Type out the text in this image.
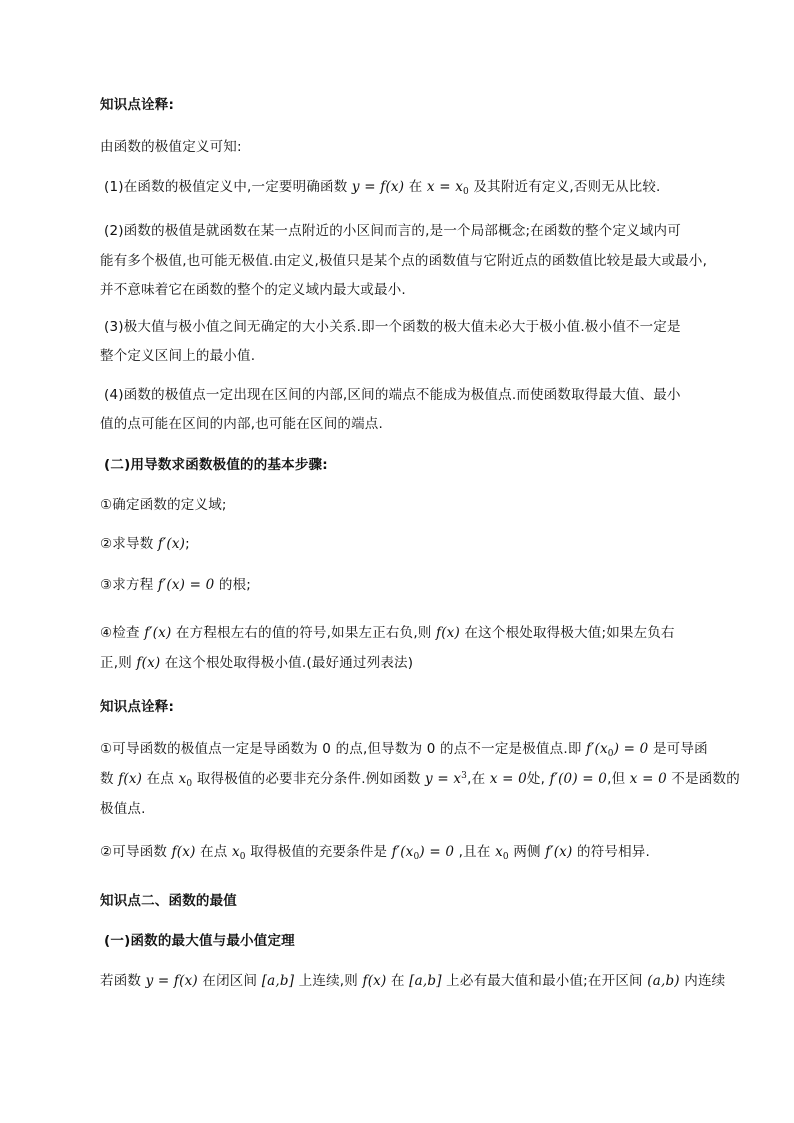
知识点诠释:
由函数的极值定义可知:
(1)在函数的极值定义中,一定要明确函数 y = f(x) 在 $x = x_0$ 及其附近有定义,否则无从比较.
(2)函数的极值是就函数在某一点附近的小区间而言的,是一个局部概念;在函数的整个定义域内可
能有多个极值,也可能无极值.由定义,极值只是某个点的函数值与它附近点的函数值比较是最大或最小,
并不意味着它在函数的整个的定义域内最大或最小.
(3)极大值与极小值之间无确定的大小关系.即一个函数的极大值未必大于极小值.极小值不一定是
整个定义区间上的最小值.
(4)函数的极值点一定出现在区间的内部,区间的端点不能成为极值点.而使函数取得最大值、最小
值的点可能在区间的内部,也可能在区间的端点.
(二)用导数求函数极值的的基本步骤:
①确定函数的定义域;
②求导数 f′(x);
③求方程 f′(x) = 0 的根;
④检查 f′(x) 在方程根左右的值的符号,如果左正右负,则 f(x) 在这个根处取得极大值;如果左负右
正,则 f(x) 在这个根处取得极小值.(最好通过列表法)
知识点诠释:
①可导函数的极值点一定是导函数为 0 的点,但导数为 0 的点不一定是极值点.即 $f'(x_0) = 0$ 是可导函
数 f(x) 在点 $x_0$ 取得极值的必要非充分条件.例如函数 $y = x^3$,在 x = 0处, f′(0) = 0,但 x = 0 不是函数的
极值点.
②可导函数 f(x) 在点 $x_0$ 取得极值的充要条件是 $f'(x_0) = 0$ ,且在 $x_0$ 两侧 f′(x) 的符号相异.
知识点二、函数的最值
(一)函数的最大值与最小值定理
若函数 y = f(x) 在闭区间 [a,b] 上连续,则 f(x) 在 [a,b] 上必有最大值和最小值;在开区间 (a,b) 内连续
